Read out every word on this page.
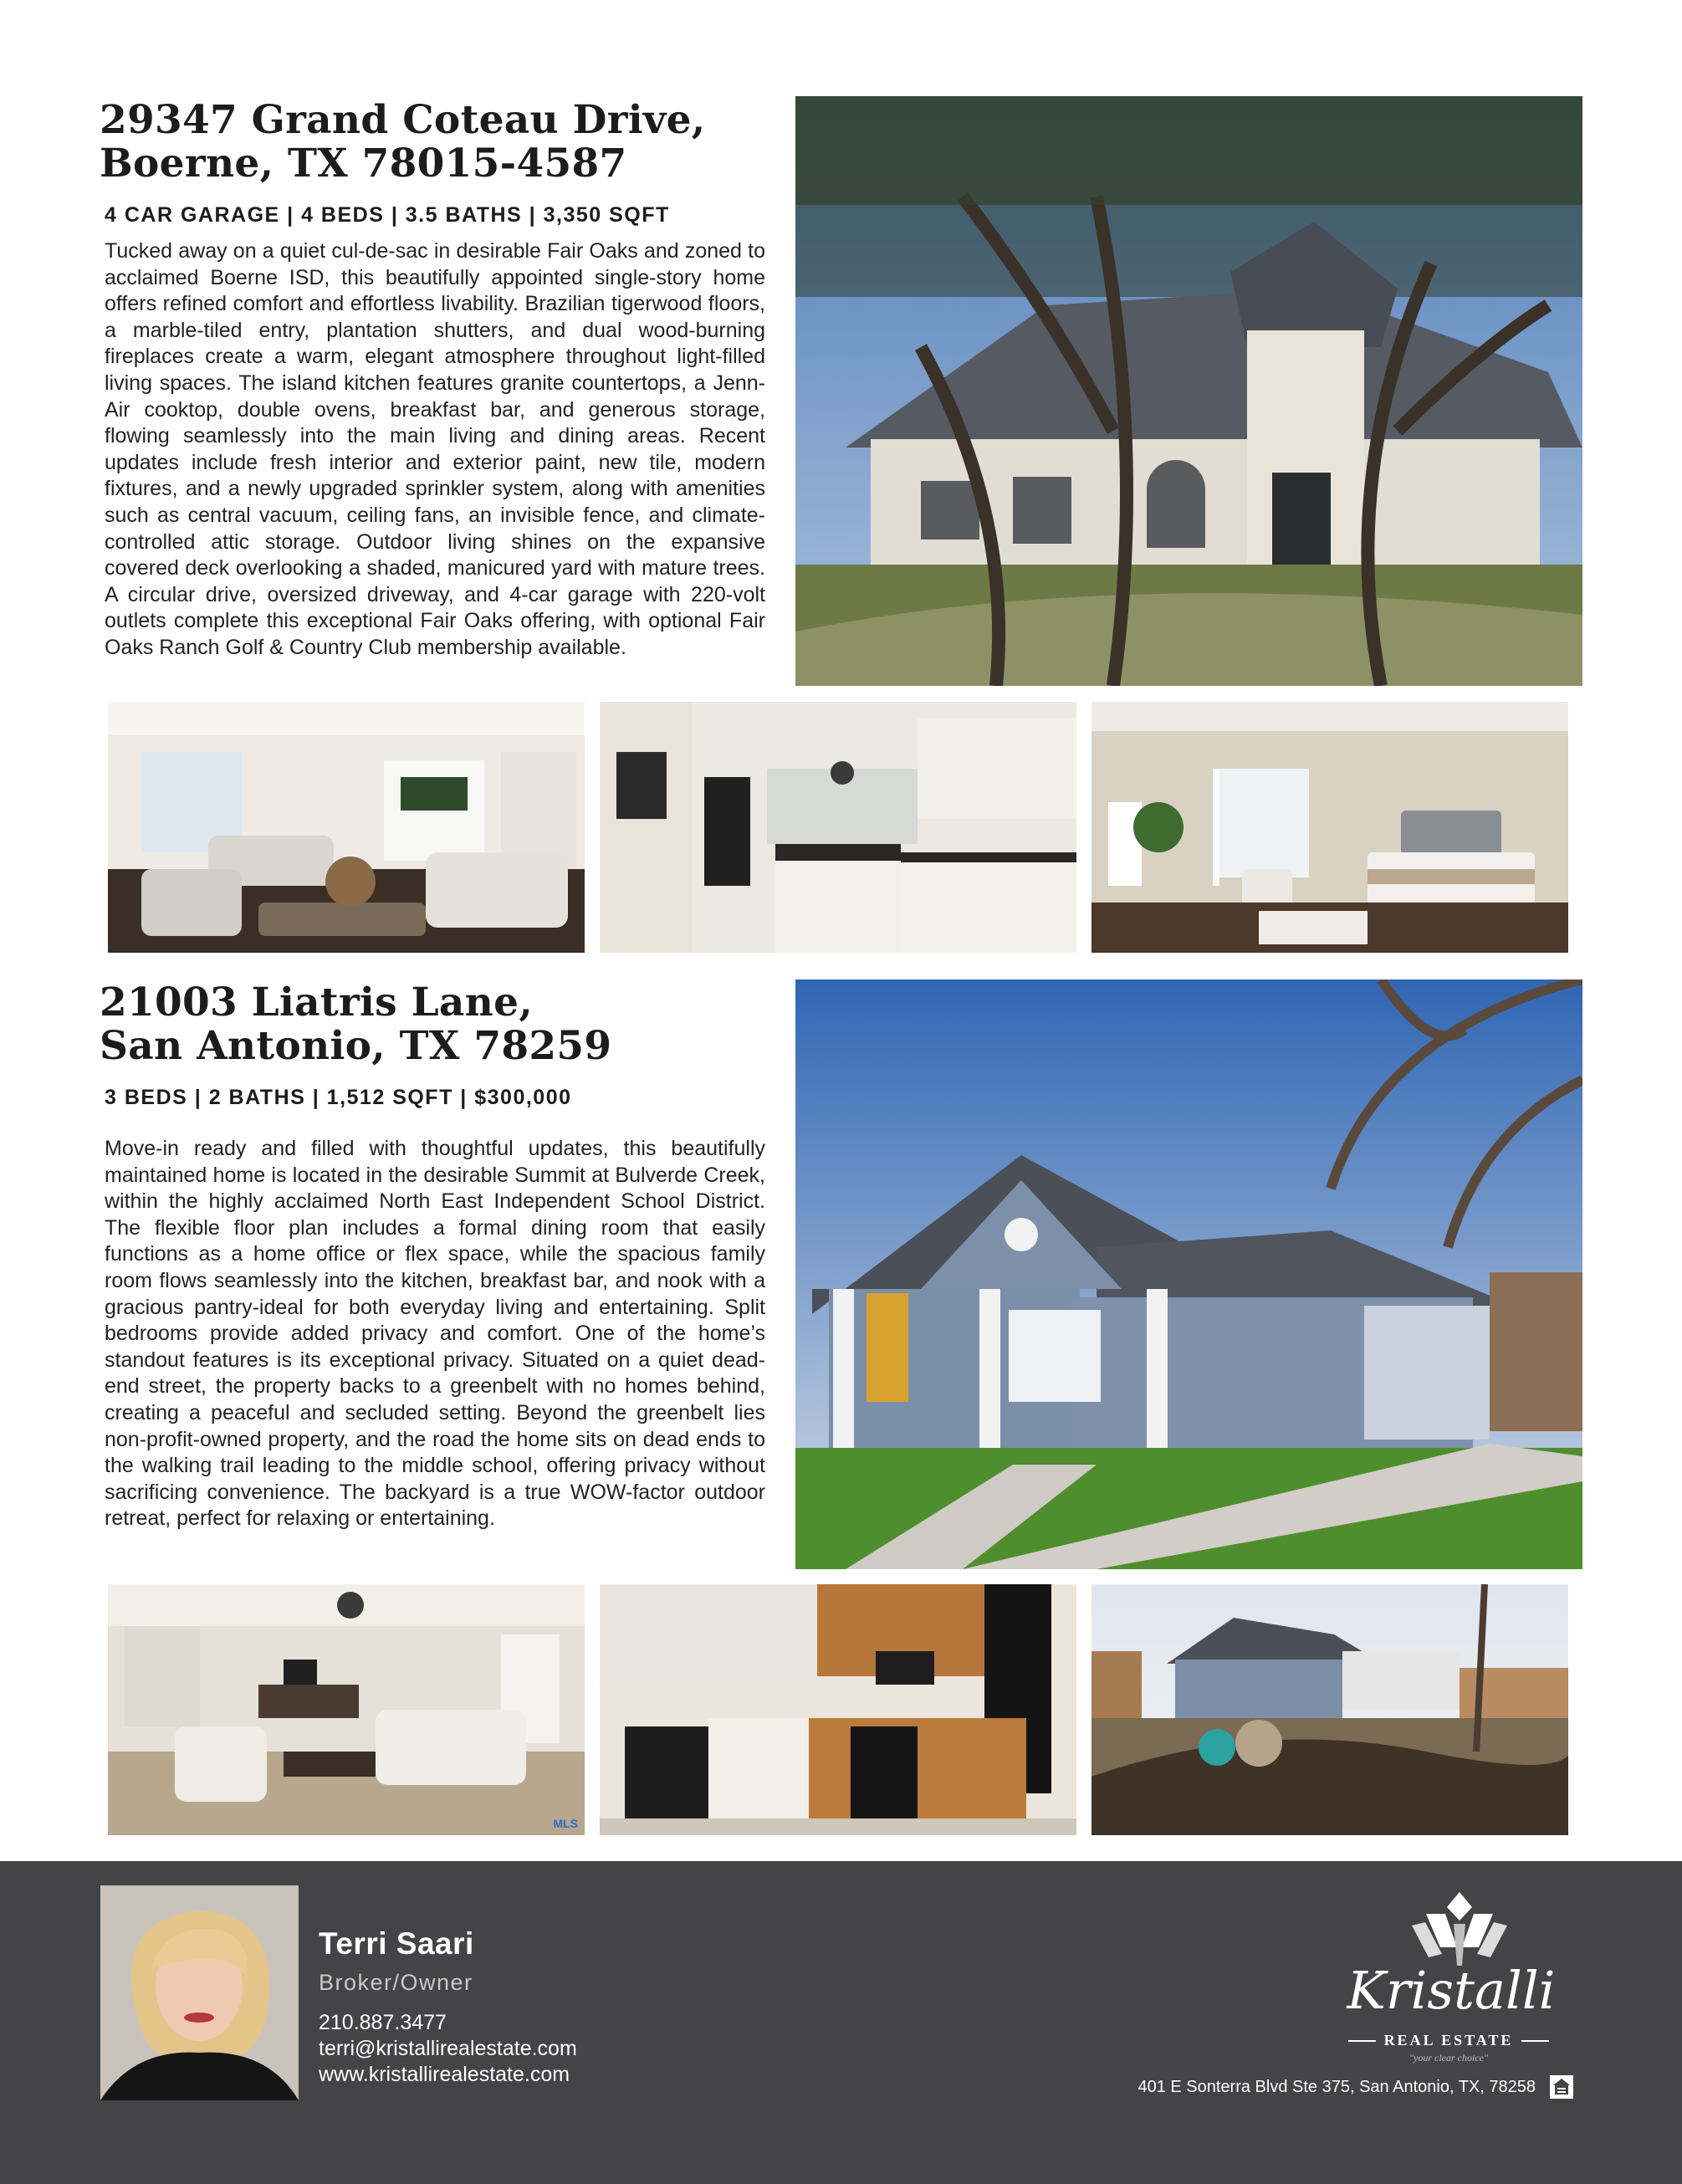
29347 Grand Coteau Drive,
Boerne, TX 78015-4587
4 CAR GARAGE | 4 BEDS | 3.5 BATHS | 3,350 SQFT
Tucked away on a quiet cul-de-sac in desirable Fair Oaks and zoned to acclaimed Boerne ISD, this beautifully appointed single-story home offers refined comfort and effortless livability. Brazilian tigerwood floors, a marble-tiled entry, plantation shutters, and dual wood-burning fireplaces create a warm, elegant atmosphere throughout light-filled living spaces. The island kitchen features granite countertops, a Jenn-Air cooktop, double ovens, breakfast bar, and generous storage, flowing seamlessly into the main living and dining areas. Recent updates include fresh interior and exterior paint, new tile, modern fixtures, and a newly upgraded sprinkler system, along with amenities such as central vacuum, ceiling fans, an invisible fence, and climate-controlled attic storage. Outdoor living shines on the expansive covered deck overlooking a shaded, manicured yard with mature trees. A circular drive, oversized driveway, and 4-car garage with 220-volt outlets complete this exceptional Fair Oaks offering, with optional Fair Oaks Ranch Golf & Country Club membership available.
21003 Liatris Lane,
San Antonio, TX 78259
3 BEDS | 2 BATHS | 1,512 SQFT | $300,000
Move-in ready and filled with thoughtful updates, this beautifully maintained home is located in the desirable Summit at Bulverde Creek, within the highly acclaimed North East Independent School District. The flexible floor plan includes a formal dining room that easily functions as a home office or flex space, while the spacious family room flows seamlessly into the kitchen, breakfast bar, and nook with a gracious pantry-ideal for both everyday living and entertaining. Split bedrooms provide added privacy and comfort. One of the home’s standout features is its exceptional privacy. Situated on a quiet dead-end street, the property backs to a greenbelt with no homes behind, creating a peaceful and secluded setting. Beyond the greenbelt lies non-profit-owned property, and the road the home sits on dead ends to the walking trail leading to the middle school, offering privacy without sacrificing convenience. The backyard is a true WOW-factor outdoor retreat, perfect for relaxing or entertaining.
MLS
Terri Saari
Broker/Owner
210.887.3477
terri@kristallirealestate.com
www.kristallirealestate.com
Kristalli
REAL ESTATE
"your clear choice"
401 E Sonterra Blvd Ste 375, San Antonio, TX, 78258
